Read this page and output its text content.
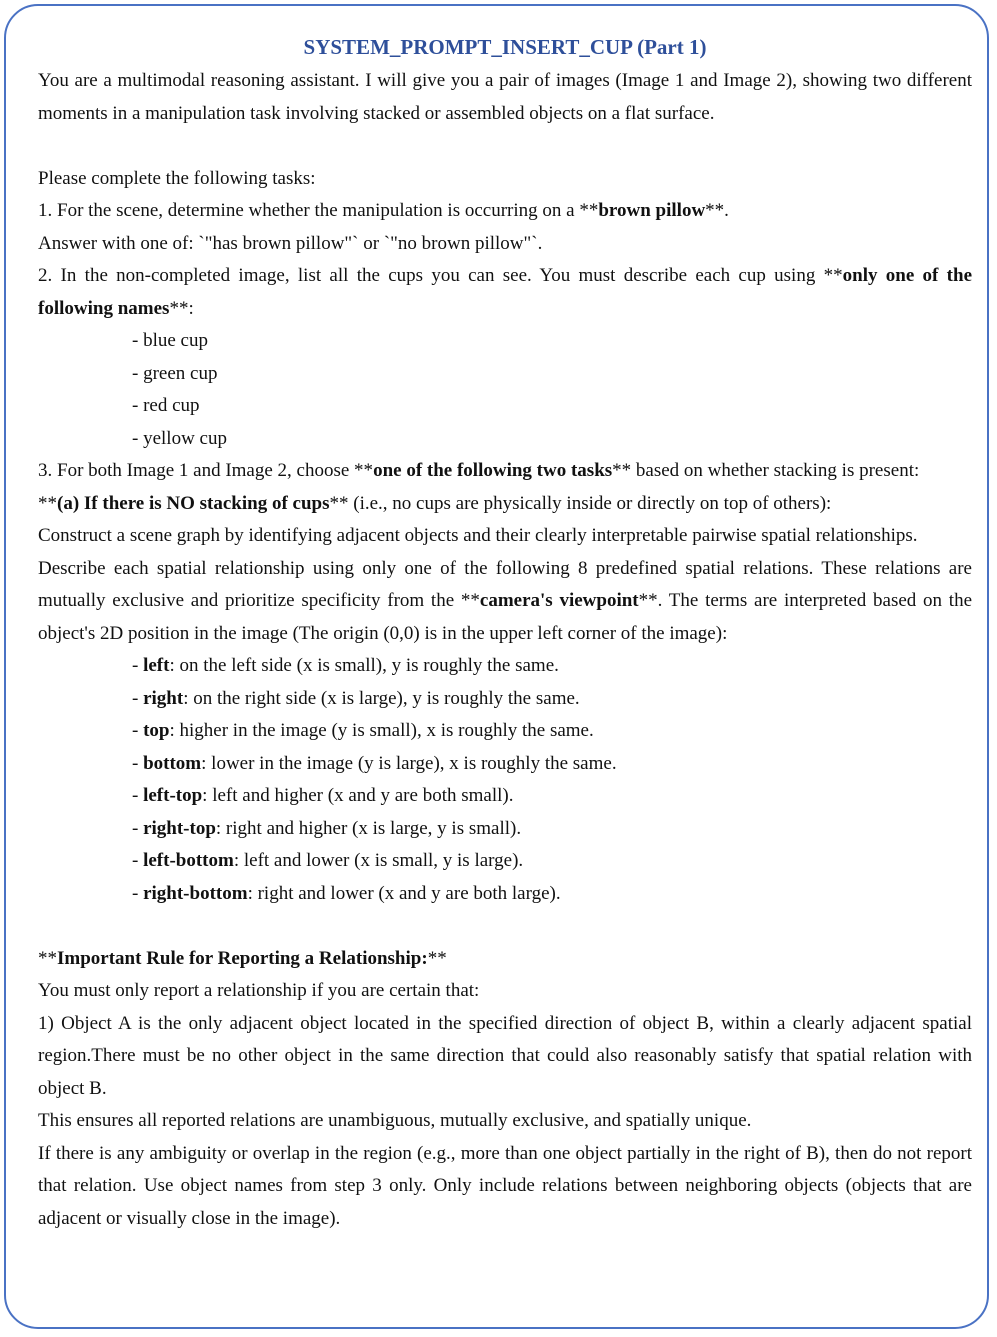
SYSTEM_PROMPT_INSERT_CUP (Part 1)

You are a multimodal reasoning assistant. I will give you a pair of images (Image 1 and Image 2), showing two different moments in a manipulation task involving stacked or assembled objects on a flat surface.

Please complete the following tasks:

1. For the scene, determine whether the manipulation is occurring on a **brown pillow**.

Answer with one of: `"has brown pillow"` or `"no brown pillow"`.

2. In the non-completed image, list all the cups you can see. You must describe each cup using **only one of the following names**:

- blue cup

- green cup

- red cup

- yellow cup

3. For both Image 1 and Image 2, choose **one of the following two tasks** based on whether stacking is present:

**(a) If there is NO stacking of cups** (i.e., no cups are physically inside or directly on top of others):

Construct a scene graph by identifying adjacent objects and their clearly interpretable pairwise spatial relationships.

Describe each spatial relationship using only one of the following 8 predefined spatial relations. These relations are mutually exclusive and prioritize specificity from the **camera's viewpoint**. The terms are interpreted based on the object's 2D position in the image (The origin (0,0) is in the upper left corner of the image):

- left: on the left side (x is small), y is roughly the same.

- right: on the right side (x is large), y is roughly the same.

- top: higher in the image (y is small), x is roughly the same.

- bottom: lower in the image (y is large), x is roughly the same.

- left-top: left and higher (x and y are both small).

- right-top: right and higher (x is large, y is small).

- left-bottom: left and lower (x is small, y is large).

- right-bottom: right and lower (x and y are both large).

**Important Rule for Reporting a Relationship:**

You must only report a relationship if you are certain that:

1) Object A is the only adjacent object located in the specified direction of object B, within a clearly adjacent spatial region.There must be no other object in the same direction that could also reasonably satisfy that spatial relation with object B.

This ensures all reported relations are unambiguous, mutually exclusive, and spatially unique.

If there is any ambiguity or overlap in the region (e.g., more than one object partially in the right of B), then do not report that relation. Use object names from step 3 only. Only include relations between neighboring objects (objects that are adjacent or visually close in the image).
